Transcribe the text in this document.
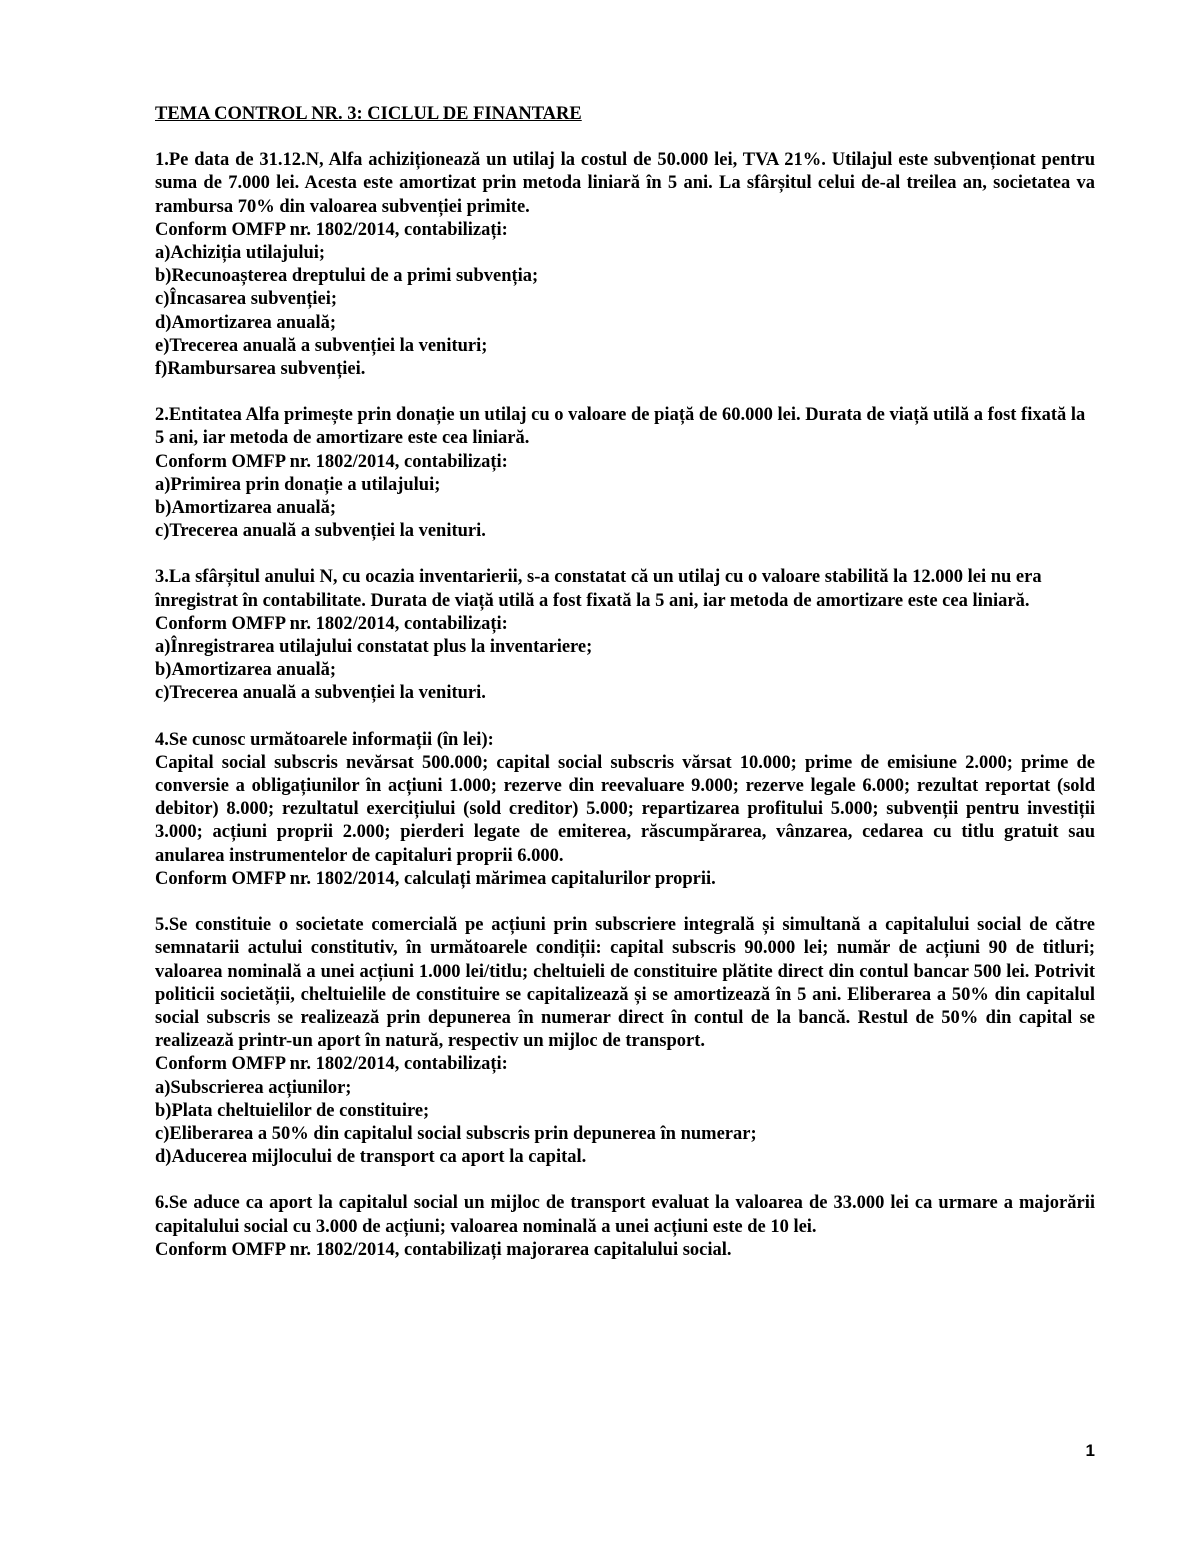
TEMA CONTROL NR. 3: CICLUL DE FINANTARE
1.Pe data de 31.12.N, Alfa achiziționează un utilaj la costul de 50.000 lei, TVA 21%. Utilajul este subvenționat pentru suma de 7.000 lei. Acesta este amortizat prin metoda liniară în 5 ani. La sfârșitul celui de-al treilea an, societatea va rambursa 70% din valoarea subvenției primite.
Conform OMFP nr. 1802/2014, contabilizați:
a)Achiziția utilajului;
b)Recunoașterea dreptului de a primi subvenția;
c)Încasarea subvenției;
d)Amortizarea anuală;
e)Trecerea anuală a subvenției la venituri;
f)Rambursarea subvenției.
2.Entitatea Alfa primește prin donație un utilaj cu o valoare de piață de 60.000 lei. Durata de viață utilă a fost fixată la 5 ani, iar metoda de amortizare este cea liniară.
Conform OMFP nr. 1802/2014, contabilizați:
a)Primirea prin donație a utilajului;
b)Amortizarea anuală;
c)Trecerea anuală a subvenției la venituri.
3.La sfârșitul anului N, cu ocazia inventarierii, s-a constatat că un utilaj cu o valoare stabilită la 12.000 lei nu era înregistrat în contabilitate. Durata de viață utilă a fost fixată la 5 ani, iar metoda de amortizare este cea liniară.
Conform OMFP nr. 1802/2014, contabilizați:
a)Înregistrarea utilajului constatat plus la inventariere;
b)Amortizarea anuală;
c)Trecerea anuală a subvenției la venituri.
4.Se cunosc următoarele informații (în lei):
Capital social subscris nevărsat 500.000; capital social subscris vărsat 10.000; prime de emisiune 2.000; prime de conversie a obligațiunilor în acțiuni 1.000; rezerve din reevaluare 9.000; rezerve legale 6.000; rezultat reportat (sold debitor) 8.000; rezultatul exercițiului (sold creditor) 5.000; repartizarea profitului 5.000; subvenții pentru investiții 3.000; acțiuni proprii 2.000; pierderi legate de emiterea, răscumpărarea, vânzarea, cedarea cu titlu gratuit sau anularea instrumentelor de capitaluri proprii 6.000.
Conform OMFP nr. 1802/2014, calculați mărimea capitalurilor proprii.
5.Se constituie o societate comercială pe acțiuni prin subscriere integrală și simultană a capitalului social de către semnatarii actului constitutiv, în următoarele condiții: capital subscris 90.000 lei; număr de acțiuni 90 de titluri; valoarea nominală a unei acțiuni 1.000 lei/titlu; cheltuieli de constituire plătite direct din contul bancar 500 lei. Potrivit politicii societății, cheltuielile de constituire se capitalizează și se amortizează în 5 ani. Eliberarea a 50% din capitalul social subscris se realizează prin depunerea în numerar direct în contul de la bancă. Restul de 50% din capital se realizează printr-un aport în natură, respectiv un mijloc de transport.
Conform OMFP nr. 1802/2014, contabilizați:
a)Subscrierea acțiunilor;
b)Plata cheltuielilor de constituire;
c)Eliberarea a 50% din capitalul social subscris prin depunerea în numerar;
d)Aducerea mijlocului de transport ca aport la capital.
6.Se aduce ca aport la capitalul social un mijloc de transport evaluat la valoarea de 33.000 lei ca urmare a majorării capitalului social cu 3.000 de acțiuni; valoarea nominală a unei acțiuni este de 10 lei.
Conform OMFP nr. 1802/2014, contabilizați majorarea capitalului social.
1
